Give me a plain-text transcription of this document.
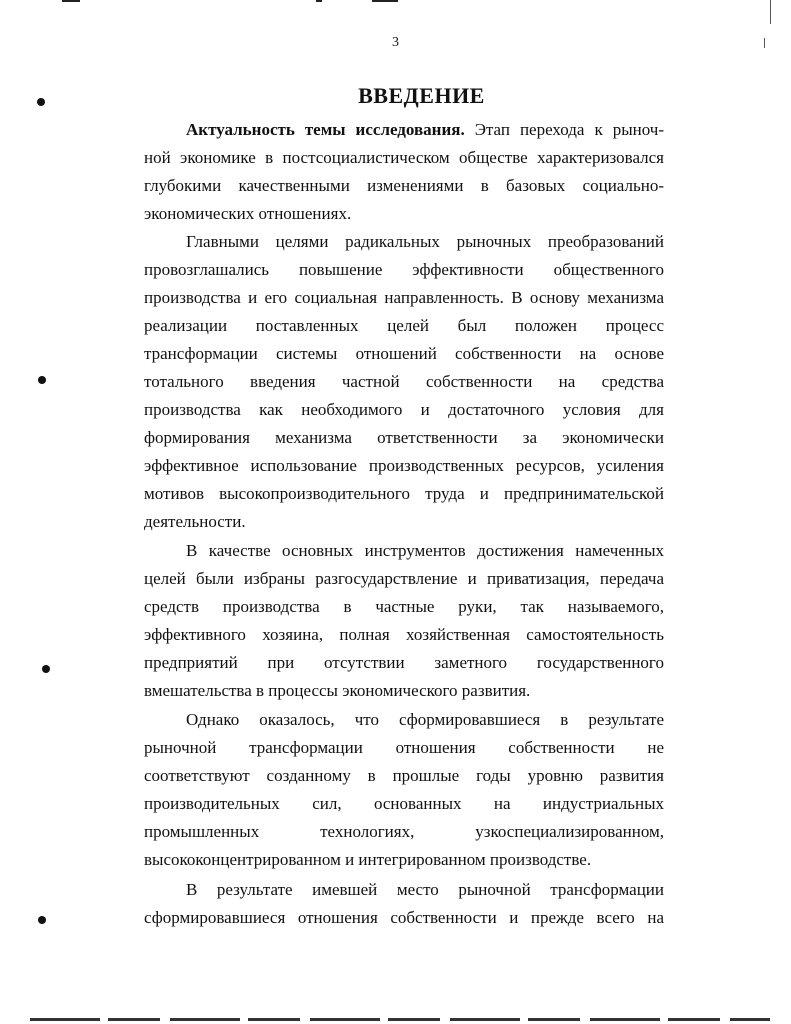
3
ВВЕДЕНИЕ
Актуальность темы исследования. Этап перехода к рыноч-
ной экономике в постсоциалистическом обществе характеризовался
глубокими качественными изменениями в базовых социально-
экономических отношениях.
Главными целями радикальных рыночных преобразований
провозглашались повышение эффективности общественного
производства и его социальная направленность. В основу механизма
реализации поставленных целей был положен процесс
трансформации системы отношений собственности на основе
тотального введения частной собственности на средства
производства как необходимого и достаточного условия для
формирования механизма ответственности за экономически
эффективное использование производственных ресурсов, усиления
мотивов высокопроизводительного труда и предпринимательской
деятельности.
В качестве основных инструментов достижения намеченных
целей были избраны разгосударствление и приватизация, передача
средств производства в частные руки, так называемого,
эффективного хозяина, полная хозяйственная самостоятельность
предприятий при отсутствии заметного государственного
вмешательства в процессы экономического развития.
Однако оказалось, что сформировавшиеся в результате
рыночной трансформации отношения собственности не
соответствуют созданному в прошлые годы уровню развития
производительных сил, основанных на индустриальных
промышленных технологиях, узкоспециализированном,
высококонцентрированном и интегрированном производстве.
В результате имевшей место рыночной трансформации
сформировавшиеся отношения собственности и прежде всего на
